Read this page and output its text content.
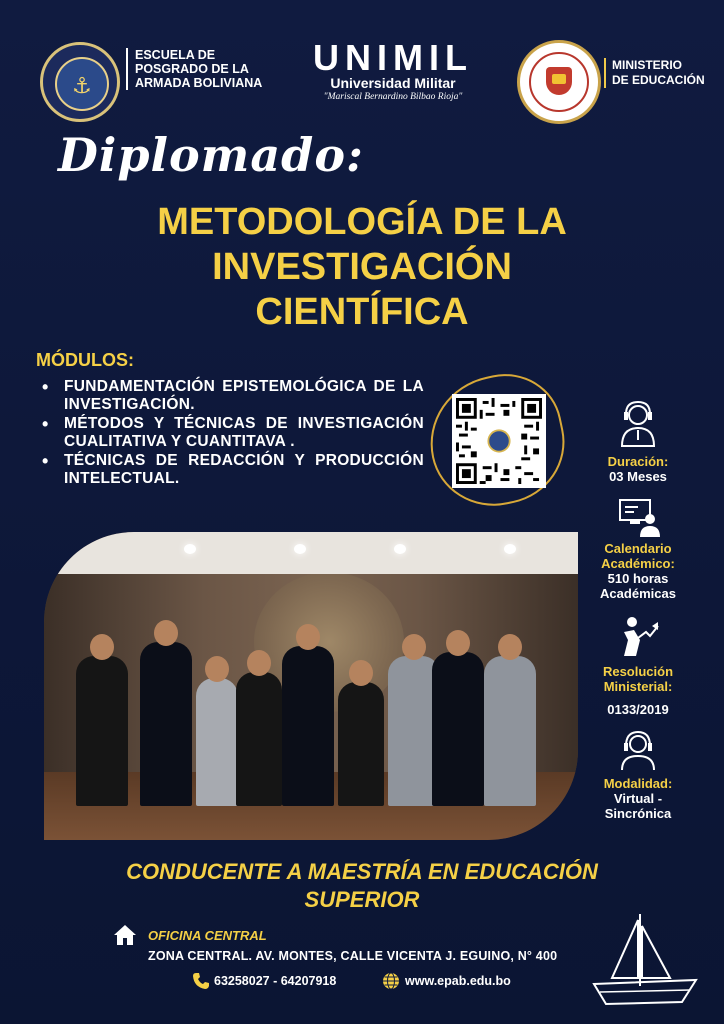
⚓
ESCUELA DE
POSGRADO DE LA
ARMADA BOLIVIANA
UNIMIL
Universidad Militar
"Mariscal Bernardino Bilbao Rioja"
MINISTERIO
DE EDUCACIÓN
Diplomado:
METODOLOGÍA DE LA
INVESTIGACIÓN
CIENTÍFICA
MÓDULOS:
• FUNDAMENTACIÓN EPISTEMOLÓGICA DE LA INVESTIGACIÓN.
• MÉTODOS Y TÉCNICAS DE INVESTIGACIÓN CUALITATIVA Y CUANTITAVA .
• TÉCNICAS DE REDACCIÓN Y PRODUCCIÓN INTELECTUAL.
Duración:
03 Meses
Calendario
Académico:
510 horas
Académicas
Resolución
Ministerial:
0133/2019
Modalidad:
Virtual -
Sincrónica
CONDUCENTE A MAESTRÍA EN EDUCACIÓN
SUPERIOR
OFICINA CENTRAL
ZONA CENTRAL. AV. MONTES, CALLE VICENTA J. EGUINO, N° 400
63258027 - 64207918	www.epab.edu.bo
